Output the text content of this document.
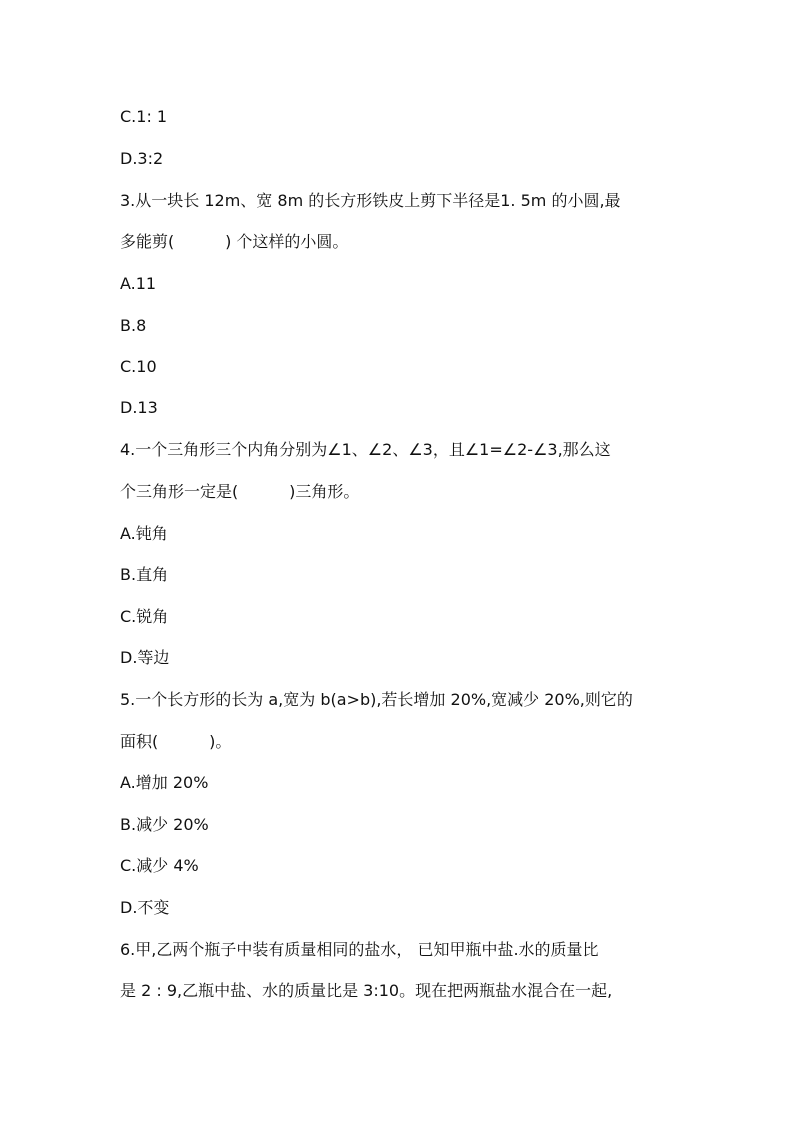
C.1: 1
D.3:2
3.从一块长 12m、宽 8m 的长方形铁皮上剪下半径是1. 5m 的小圆,最
多能剪(          ) 个这样的小圆。
A.11
B.8
C.10
D.13
4.一个三角形三个内角分别为∠1、∠2、∠3，且∠1=∠2-∠3,那么这
个三角形一定是(          )三角形。
A.钝角
B.直角
C.锐角
D.等边
5.一个长方形的长为 a,宽为 b(a>b),若长增加 20%,宽减少 20%,则它的
面积(          )。
A.增加 20%
B.减少 20%
C.减少 4%
D.不变
6.甲,乙两个瓶子中装有质量相同的盐水， 已知甲瓶中盐.水的质量比
是 2 : 9,乙瓶中盐、水的质量比是 3:10。现在把两瓶盐水混合在一起,
